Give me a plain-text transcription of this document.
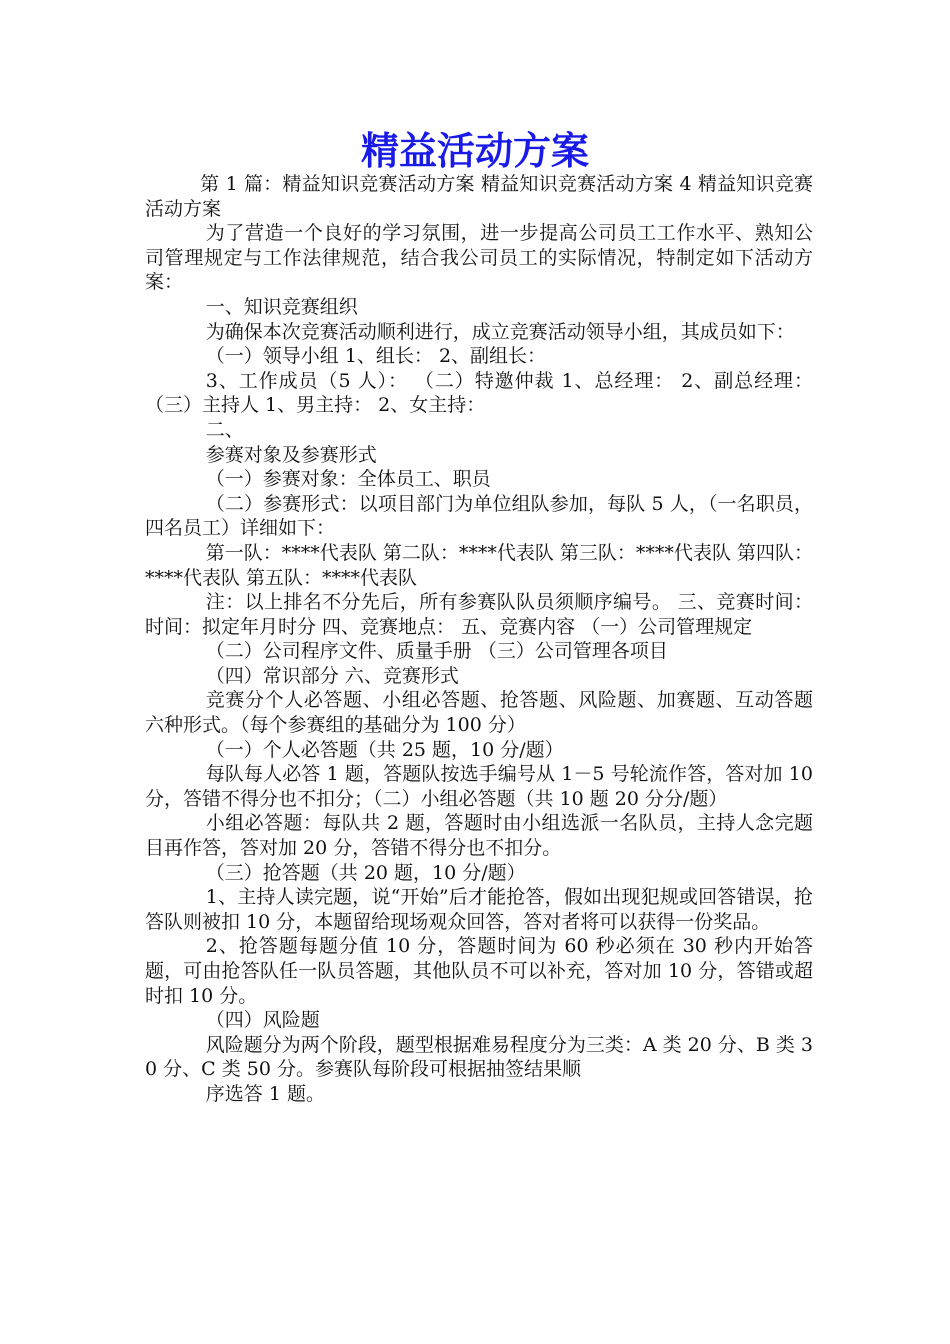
精益活动方案

第 1 篇：精益知识竞赛活动方案 精益知识竞赛活动方案 4 精益知识竞赛活动方案

为了营造一个良好的学习氛围，进一步提高公司员工工作水平、熟知公司管理规定与工作法律规范，结合我公司员工的实际情况，特制定如下活动方案：

一、知识竞赛组织

为确保本次竞赛活动顺利进行，成立竞赛活动领导小组，其成员如下：

（一）领导小组 1、组长： 2、副组长：

3、工作成员（5 人）： （二）特邀仲裁 1、总经理： 2、副总经理： （三）主持人 1、男主持： 2、女主持：

二、

参赛对象及参赛形式

（一）参赛对象：全体员工、职员

（二）参赛形式：以项目部门为单位组队参加，每队 5 人，（一名职员，四名员工）详细如下：

第一队：****代表队 第二队：****代表队 第三队：****代表队 第四队：****代表队 第五队：****代表队

注：以上排名不分先后，所有参赛队队员须顺序编号。 三、竞赛时间： 时间：拟定年月时分 四、竞赛地点： 五、竞赛内容 （一）公司管理规定

（二）公司程序文件、质量手册 （三）公司管理各项目

（四）常识部分 六、竞赛形式

竞赛分个人必答题、小组必答题、抢答题、风险题、加赛题、互动答题六种形式。（每个参赛组的基础分为 100 分）

（一）个人必答题（共 25 题，10 分/题）

每队每人必答 1 题，答题队按选手编号从 1－5 号轮流作答，答对加 10 分，答错不得分也不扣分；（二）小组必答题（共 10 题 20 分分/题）

小组必答题：每队共 2 题，答题时由小组选派一名队员，主持人念完题目再作答，答对加 20 分，答错不得分也不扣分。

（三）抢答题（共 20 题，10 分/题）

1、主持人读完题，说“开始”后才能抢答，假如出现犯规或回答错误，抢答队则被扣 10 分，本题留给现场观众回答，答对者将可以获得一份奖品。

2、抢答题每题分值 10 分，答题时间为 60 秒必须在 30 秒内开始答题，可由抢答队任一队员答题，其他队员不可以补充，答对加 10 分，答错或超时扣 10 分。

（四）风险题

风险题分为两个阶段，题型根据难易程度分为三类：A 类 20 分、B 类 30 分、C 类 50 分。参赛队每阶段可根据抽签结果顺

序选答 1 题。
